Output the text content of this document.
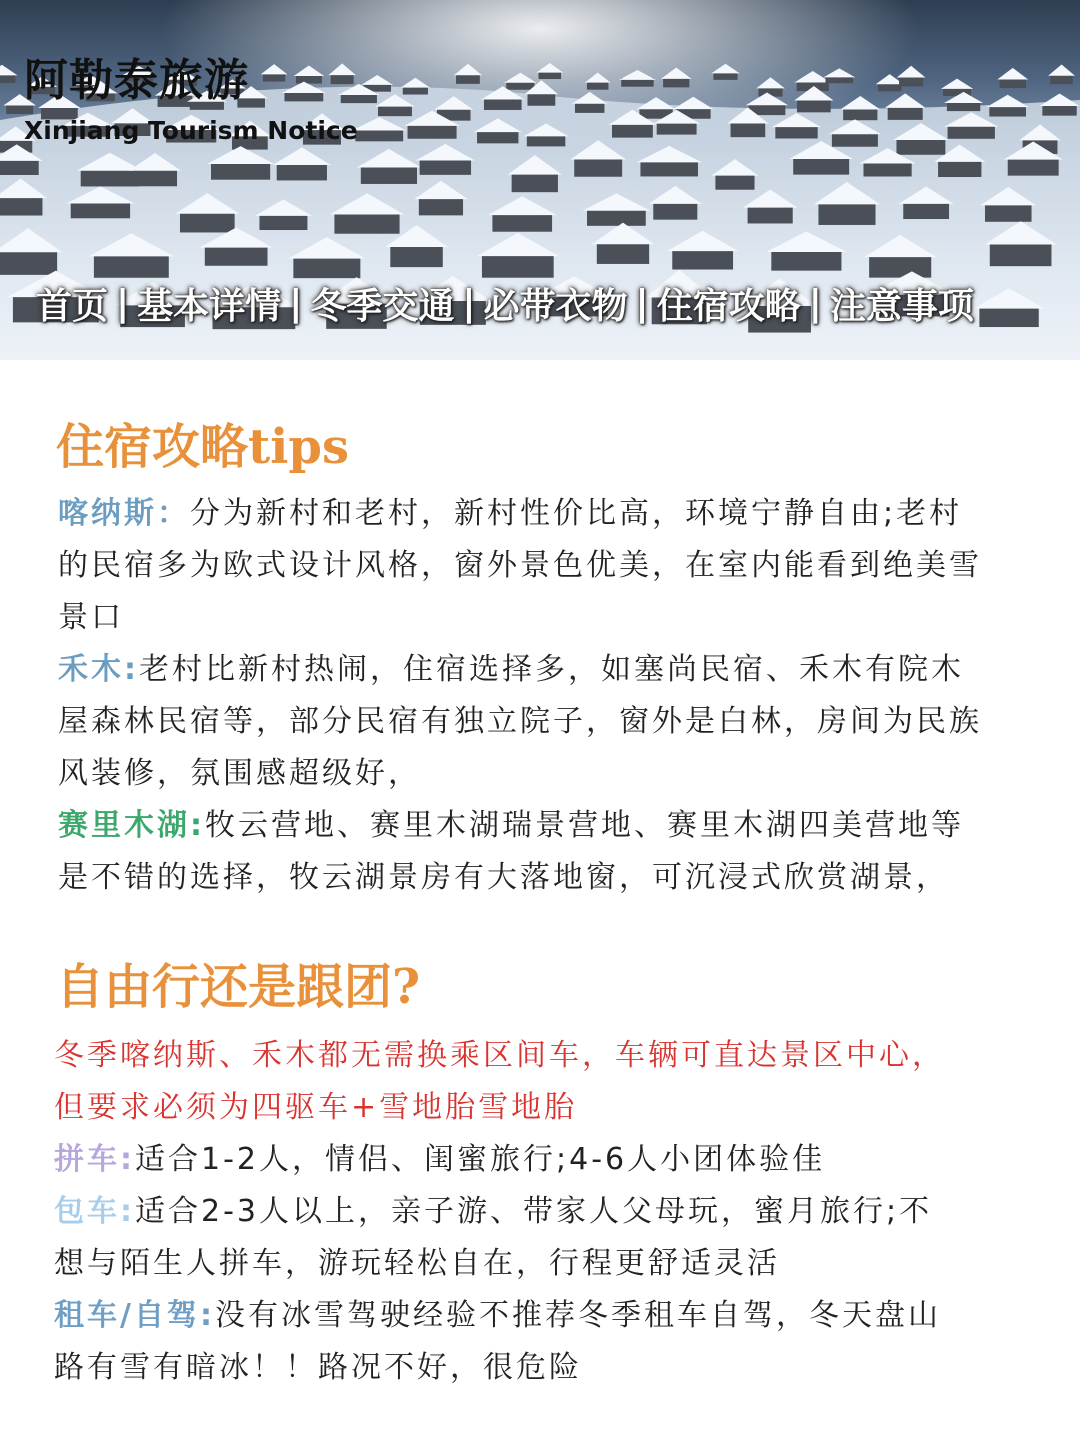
阿勒泰旅游
Xinjiang Tourism Notice
首页 | 基本详情 | 冬季交通 | 必带衣物 | 住宿攻略 | 注意事项
住宿攻略tips
喀纳斯：分为新村和老村，新村性价比高，环境宁静自由;老村
的民宿多为欧式设计风格，窗外景色优美，在室内能看到绝美雪
景口
禾木:老村比新村热闹，住宿选择多，如塞尚民宿、禾木有院木
屋森林民宿等，部分民宿有独立院子，窗外是白林，房间为民族
风装修，氛围感超级好，
赛里木湖:牧云营地、赛里木湖瑞景营地、赛里木湖四美营地等
是不错的选择，牧云湖景房有大落地窗，可沉浸式欣赏湖景，
自由行还是跟团?
冬季喀纳斯、禾木都无需换乘区间车，车辆可直达景区中心，
但要求必须为四驱车+雪地胎雪地胎
拼车:适合1-2人，情侣、闺蜜旅行;4-6人小团体验佳
包车:适合2-3人以上，亲子游、带家人父母玩，蜜月旅行;不
想与陌生人拼车，游玩轻松自在，行程更舒适灵活
租车/自驾:没有冰雪驾驶经验不推荐冬季租车自驾，冬天盘山
路有雪有暗冰！！路况不好，很危险
